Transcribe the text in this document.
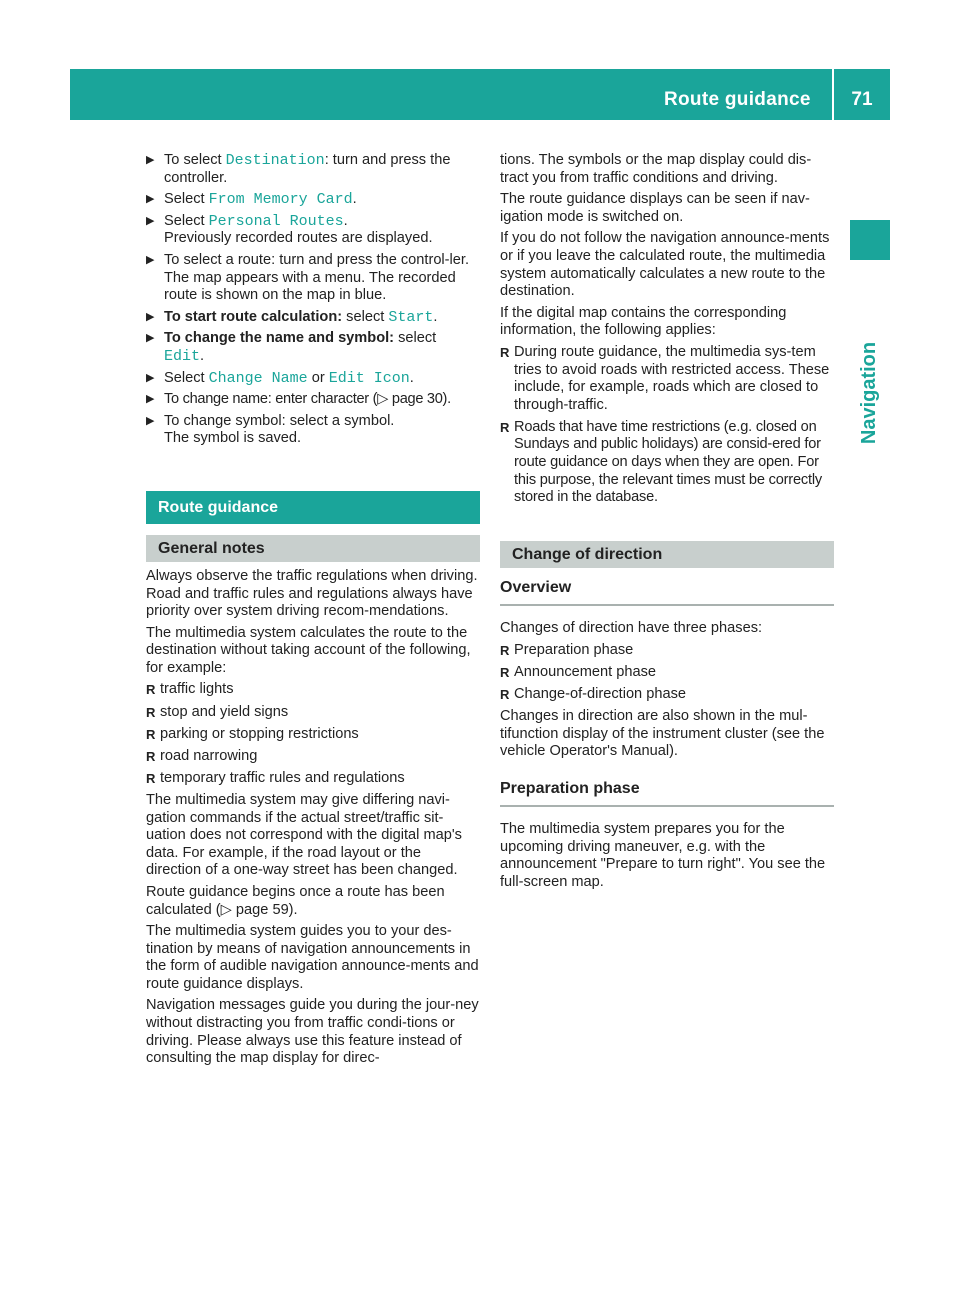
Route guidance	71
Navigation
▶ To select Destination: turn and press the controller.
▶ Select From Memory Card.
▶ Select Personal Routes.
Previously recorded routes are displayed.
▶ To select a route: turn and press the control-ler.
The map appears with a menu. The recorded route is shown on the map in blue.
▶ To start route calculation: select Start.
▶ To change the name and symbol: select
Edit.
▶ Select Change Name or Edit Icon.
▶ To change name: enter character (▷ page 30).
▶ To change symbol: select a symbol.
The symbol is saved.
Route guidance
General notes

Always observe the traffic regulations when driving. Road and traffic rules and regulations always have priority over system driving recom-mendations.

The multimedia system calculates the route to the destination without taking account of the following, for example:

R traffic lights
R stop and yield signs
R parking or stopping restrictions
R road narrowing
R temporary traffic rules and regulations

The multimedia system may give differing navi-gation commands if the actual street/traffic sit-uation does not correspond with the digital map's data. For example, if the road layout or the direction of a one-way street has been changed.

Route guidance begins once a route has been calculated (▷ page 59).

The multimedia system guides you to your des-tination by means of navigation announcements in the form of audible navigation announce-ments and route guidance displays.

Navigation messages guide you during the jour-ney without distracting you from traffic condi-tions or driving. Please always use this feature instead of consulting the map display for direc-

tions. The symbols or the map display could dis-tract you from traffic conditions and driving.

The route guidance displays can be seen if nav-igation mode is switched on.

If you do not follow the navigation announce-ments or if you leave the calculated route, the multimedia system automatically calculates a new route to the destination.

If the digital map contains the corresponding information, the following applies:

R During route guidance, the multimedia sys-tem tries to avoid roads with restricted access. These include, for example, roads which are closed to through-traffic.
R Roads that have time restrictions (e.g. closed on Sundays and public holidays) are consid-ered for route guidance on days when they are open. For this purpose, the relevant times must be correctly stored in the database.
Change of direction
Overview

Changes of direction have three phases:

R Preparation phase
R Announcement phase
R Change-of-direction phase

Changes in direction are also shown in the mul-tifunction display of the instrument cluster (see the vehicle Operator's Manual).

Preparation phase

The multimedia system prepares you for the upcoming driving maneuver, e.g. with the announcement "Prepare to turn right". You see the full-screen map.
